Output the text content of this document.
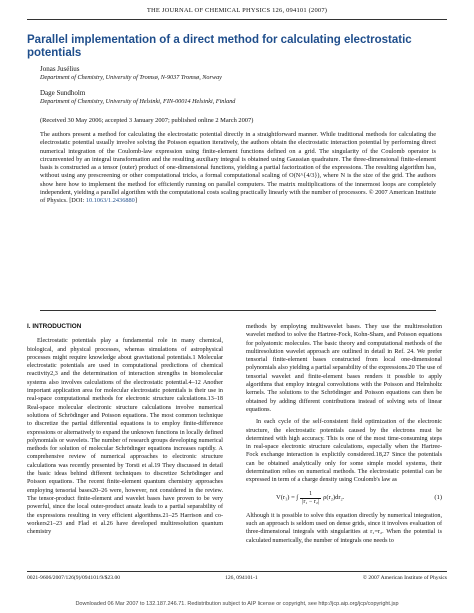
THE JOURNAL OF CHEMICAL PHYSICS 126, 094101 (2007)
Parallel implementation of a direct method for calculating electrostatic potentials
Jonas Jusélius
Department of Chemistry, University of Tromsø, N-9037 Tromsø, Norway
Dage Sundholm
Department of Chemistry, University of Helsinki, FIN-00014 Helsinki, Finland
(Received 30 May 2006; accepted 3 January 2007; published online 2 March 2007)
The authors present a method for calculating the electrostatic potential directly in a straightforward manner. While traditional methods for calculating the electrostatic potential usually involve solving the Poisson equation iteratively, the authors obtain the electrostatic interaction potential by performing direct numerical integration of the Coulomb-law expression using finite-element functions defined on a grid. The singularity of the Coulomb operator is circumvented by an integral transformation and the resulting auxiliary integral is obtained using Gaussian quadrature. The three-dimensional finite-element basis is constructed as a tensor (outer) product of one-dimensional functions, yielding a partial factorization of the expressions. The resulting algorithm has, without using any prescreening or other computational tricks, a formal computational scaling of O(N^{4/3}), where N is the size of the grid. The authors show here how to implement the method for efficiently running on parallel computers. The matrix multiplications of the innermost loops are completely independent, yielding a parallel algorithm with the computational costs scaling practically linearly with the number of processors. © 2007 American Institute of Physics. [DOI: 10.1063/1.2436880]
I. INTRODUCTION

Electrostatic potentials play a fundamental role in many chemical, biological, and physical processes, whereas simulations of astrophysical processes might require knowledge about gravitational potentials.1 Molecular electrostatic potentials are used in computational predictions of chemical reactivity2,3 and the determination of interaction strengths in biomolecular systems also involves calculations of the electrostatic potential.4–12 Another important application area for molecular electrostatic potentials is their use in real-space computational methods for electronic structure calculations.13–18 Real-space molecular electronic structure calculations involve numerical solutions of Schrödinger and Poisson equations. The most common technique to discretize the partial differential equations is to employ finite-difference expressions or alternatively to expand the unknown functions in locally defined polynomials or wavelets. The number of research groups developing numerical methods for solution of molecular Schrödinger equations increases rapidly. A comprehensive review of numerical approaches to electronic structure calculations was recently presented by Torsti et al.19 They discussed in detail the basic ideas behind different techniques to discretize Schrödinger and Poisson equations. The recent finite-element quantum chemistry approaches employing tensorial bases20–26 were, however, not considered in the review. The tensor-product finite-element and wavelet bases have proven to be very powerful, since the local outer-product ansatz leads to a partial separability of the expressions resulting in very efficient algorithms.21–25 Harrison and co-workers21–23 and Flad et al.26 have developed multiresolution quantum chemistry

methods by employing multiwavelet bases. They use the multiresolution wavelet method to solve the Hartree-Fock, Kohn-Sham, and Poisson equations for polyatomic molecules. The basic theory and computational methods of the multiresolution wavelet approach are outlined in detail in Ref. 24. We prefer tensorial finite-element bases constructed from local one-dimensional polynomials also yielding a partial separability of the expressions.20 The use of tensorial wavelet and finite-element bases renders it possible to apply algorithms that employ integral convolutions with the Poisson and Helmholtz kernels. The solutions to the Schrödinger and Poisson equations can then be obtained by adding different contributions instead of solving sets of linear equations.

In each cycle of the self-consistent field optimization of the electronic structure, the electrostatic potentials caused by the electrons must be determined with high accuracy. This is one of the most time-consuming steps in real-space electronic structure calculations, especially when the Hartree-Fock exchange interaction is explicitly considered.18,27 Since the potentials can be obtained analytically only for some simple model systems, their determination relies on numerical methods. The electrostatic potential can be expressed in term of a charge density using Coulomb's law as

V(r₁) = ∫ $\frac{1}{\text{|r₁ − r₂|}} \rho(r_2)dr_2$.	(1)

Although it is possible to solve this equation directly by numerical integration, such an approach is seldom used on dense grids, since it involves evaluation of three-dimensional integrals with singularities at r₁=r₂. When the potential is calculated numerically, the number of integrals one needs to

0021-9606/2007/126(9)/094101/9/$23.00	126, 094101-1	© 2007 American Institute of Physics
Downloaded 06 Mar 2007 to 132.187.246.71. Redistribution subject to AIP license or copyright, see http://jcp.aip.org/jcp/copyright.jsp
